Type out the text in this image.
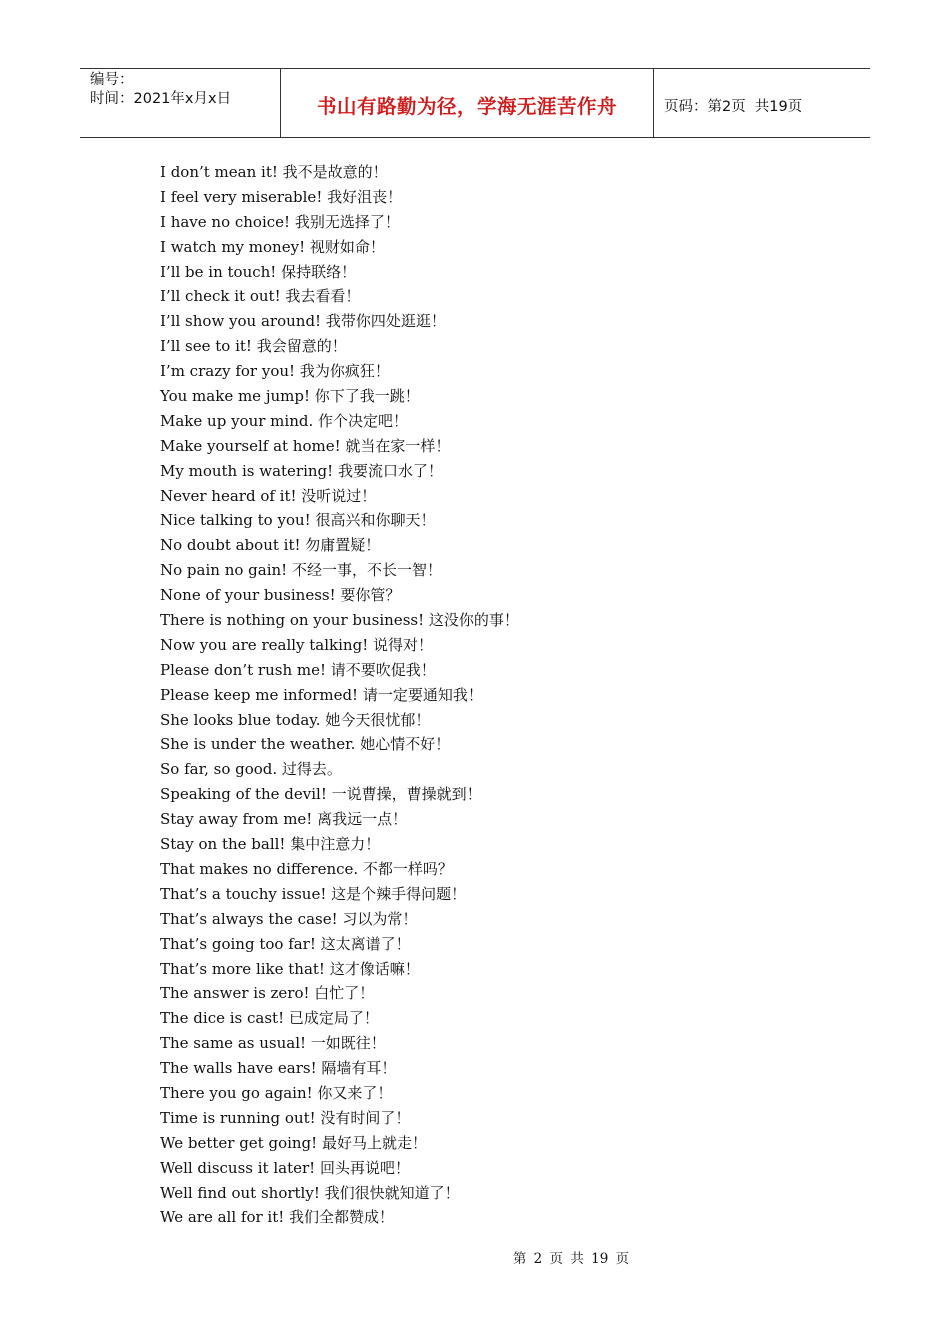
编号：
时间：2021年x月x日	书山有路勤为径，学海无涯苦作舟	页码：第2页 共19页
I don’t mean it! 我不是故意的！
I feel very miserable! 我好沮丧！
I have no choice! 我别无选择了！
I watch my money! 视财如命！
I’ll be in touch! 保持联络！
I’ll check it out! 我去看看！
I’ll show you around! 我带你四处逛逛！
I’ll see to it! 我会留意的！
I’m crazy for you! 我为你疯狂！
You make me jump! 你下了我一跳！
Make up your mind. 作个决定吧！
Make yourself at home! 就当在家一样！
My mouth is watering! 我要流口水了！
Never heard of it! 没听说过！
Nice talking to you! 很高兴和你聊天！
No doubt about it! 勿庸置疑！
No pain no gain! 不经一事，不长一智！
None of your business! 要你管？
There is nothing on your business! 这没你的事！
Now you are really talking! 说得对！
Please don’t rush me! 请不要吹促我！
Please keep me informed! 请一定要通知我！
She looks blue today. 她今天很忧郁！
She is under the weather. 她心情不好！
So far, so good. 过得去。
Speaking of the devil! 一说曹操，曹操就到！
Stay away from me! 离我远一点！
Stay on the ball! 集中注意力！
That makes no difference. 不都一样吗？
That’s a touchy issue! 这是个辣手得问题！
That’s always the case! 习以为常！
That’s going too far! 这太离谱了！
That’s more like that! 这才像话嘛！
The answer is zero! 白忙了！
The dice is cast! 已成定局了！
The same as usual! 一如既往！
The walls have ears! 隔墙有耳！
There you go again! 你又来了！
Time is running out! 没有时间了！
We better get going! 最好马上就走！
Well discuss it later! 回头再说吧！
Well find out shortly! 我们很快就知道了！
We are all for it! 我们全都赞成！
第 2 页 共 19 页
